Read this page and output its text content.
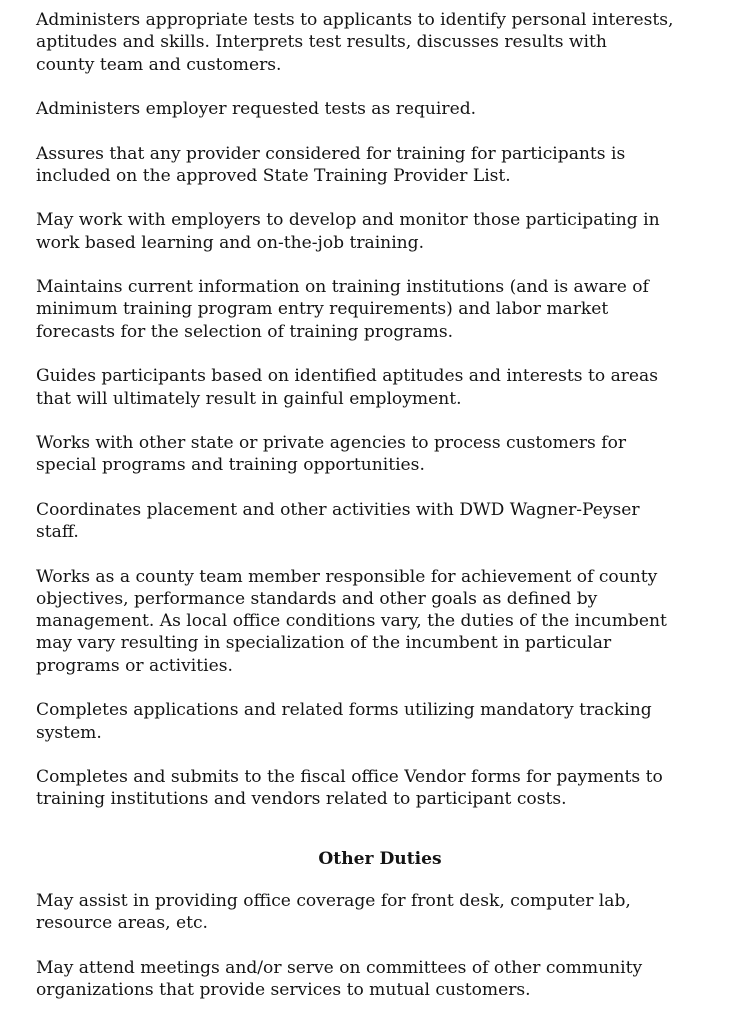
Administers appropriate tests to applicants to identify personal interests,
aptitudes and skills. Interprets test results, discusses results with
county team and customers.

Administers employer requested tests as required.

Assures that any provider considered for training for participants is
included on the approved State Training Provider List.

May work with employers to develop and monitor those participating in
work based learning and on-the-job training.

Maintains current information on training institutions (and is aware of
minimum training program entry requirements) and labor market
forecasts for the selection of training programs.

Guides participants based on identified aptitudes and interests to areas
that will ultimately result in gainful employment.

Works with other state or private agencies to process customers for
special programs and training opportunities.

Coordinates placement and other activities with DWD Wagner-Peyser
staff.

Works as a county team member responsible for achievement of county
objectives, performance standards and other goals as defined by
management. As local office conditions vary, the duties of the incumbent
may vary resulting in specialization of the incumbent in particular
programs or activities.

Completes applications and related forms utilizing mandatory tracking
system.

Completes and submits to the fiscal office Vendor forms for payments to
training institutions and vendors related to participant costs.

Other Duties

May assist in providing office coverage for front desk, computer lab,
resource areas, etc.

May attend meetings and/or serve on committees of other community
organizations that provide services to mutual customers.
